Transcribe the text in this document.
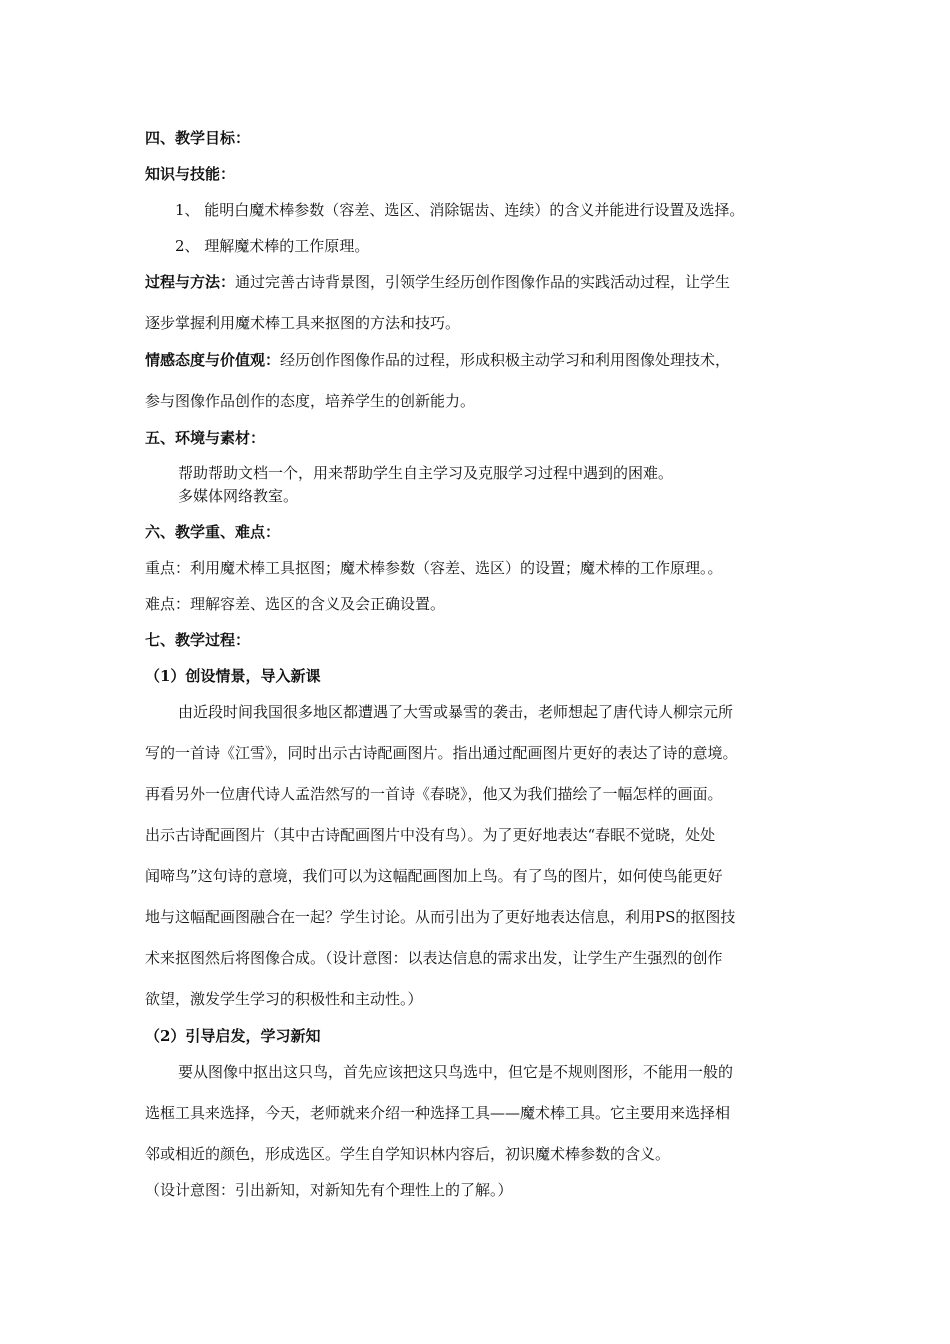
四、教学目标：
知识与技能：
1、 能明白魔术棒参数（容差、选区、消除锯齿、连续）的含义并能进行设置及选择。
2、 理解魔术棒的工作原理。
过程与方法：通过完善古诗背景图，引领学生经历创作图像作品的实践活动过程，让学生
逐步掌握利用魔术棒工具来抠图的方法和技巧。
情感态度与价值观：经历创作图像作品的过程，形成积极主动学习和利用图像处理技术，
参与图像作品创作的态度，培养学生的创新能力。
五、环境与素材：
帮助帮助文档一个，用来帮助学生自主学习及克服学习过程中遇到的困难。
多媒体网络教室。
六、教学重、难点：
重点：利用魔术棒工具抠图；魔术棒参数（容差、选区）的设置；魔术棒的工作原理。。
难点：理解容差、选区的含义及会正确设置。
七、教学过程：
（1）创设情景，导入新课
由近段时间我国很多地区都遭遇了大雪或暴雪的袭击，老师想起了唐代诗人柳宗元所
写的一首诗《江雪》，同时出示古诗配画图片。指出通过配画图片更好的表达了诗的意境。
再看另外一位唐代诗人孟浩然写的一首诗《春晓》，他又为我们描绘了一幅怎样的画面。
出示古诗配画图片（其中古诗配画图片中没有鸟）。为了更好地表达“春眠不觉晓，处处
闻啼鸟”这句诗的意境，我们可以为这幅配画图加上鸟。有了鸟的图片，如何使鸟能更好
地与这幅配画图融合在一起？学生讨论。从而引出为了更好地表达信息，利用PS的抠图技
术来抠图然后将图像合成。（设计意图：以表达信息的需求出发，让学生产生强烈的创作
欲望，激发学生学习的积极性和主动性。）
（2）引导启发，学习新知
要从图像中抠出这只鸟，首先应该把这只鸟选中，但它是不规则图形，不能用一般的
选框工具来选择，今天，老师就来介绍一种选择工具——魔术棒工具。它主要用来选择相
邻或相近的颜色，形成选区。学生自学知识林内容后，初识魔术棒参数的含义。
（设计意图：引出新知，对新知先有个理性上的了解。）
